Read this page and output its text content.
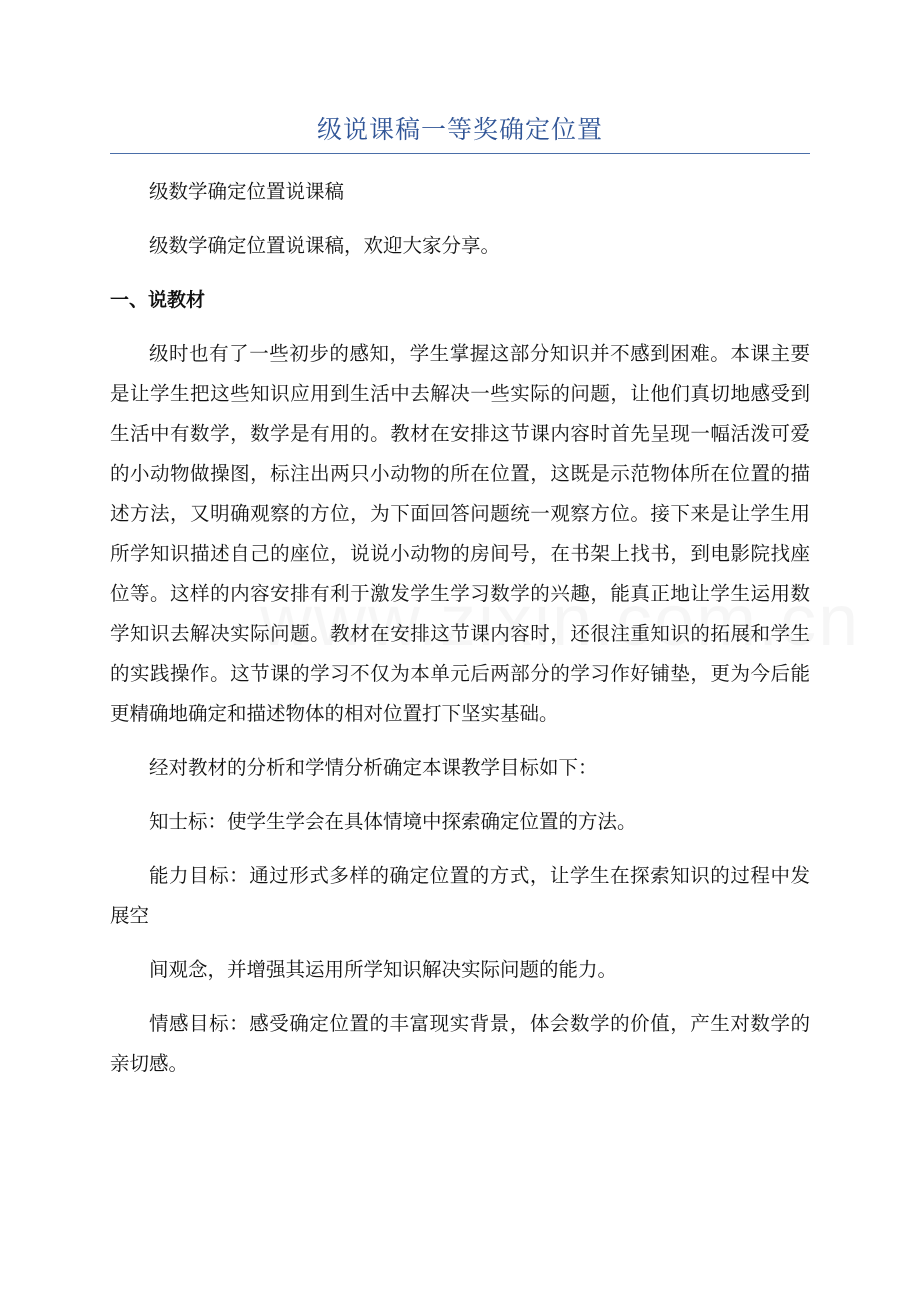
级说课稿一等奖确定位置

级数学确定位置说课稿

级数学确定位置说课稿，欢迎大家分享。

一、说教材

级时也有了一些初步的感知，学生掌握这部分知识并不感到困难。本课主要是让学生把这些知识应用到生活中去解决一些实际的问题，让他们真切地感受到生活中有数学，数学是有用的。教材在安排这节课内容时首先呈现一幅活泼可爱的小动物做操图，标注出两只小动物的所在位置，这既是示范物体所在位置的描述方法，又明确观察的方位，为下面回答问题统一观察方位。接下来是让学生用所学知识描述自己的座位，说说小动物的房间号，在书架上找书，到电影院找座位等。这样的内容安排有利于激发学生学习数学的兴趣，能真正地让学生运用数学知识去解决实际问题。教材在安排这节课内容时，还很注重知识的拓展和学生的实践操作。这节课的学习不仅为本单元后两部分的学习作好铺垫，更为今后能更精确地确定和描述物体的相对位置打下坚实基础。

经对教材的分析和学情分析确定本课教学目标如下：

知士标：使学生学会在具体情境中探索确定位置的方法。

能力目标：通过形式多样的确定位置的方式，让学生在探索知识的过程中发展空

间观念，并增强其运用所学知识解决实际问题的能力。

情感目标：感受确定位置的丰富现实背景，体会数学的价值，产生对数学的亲切感。
